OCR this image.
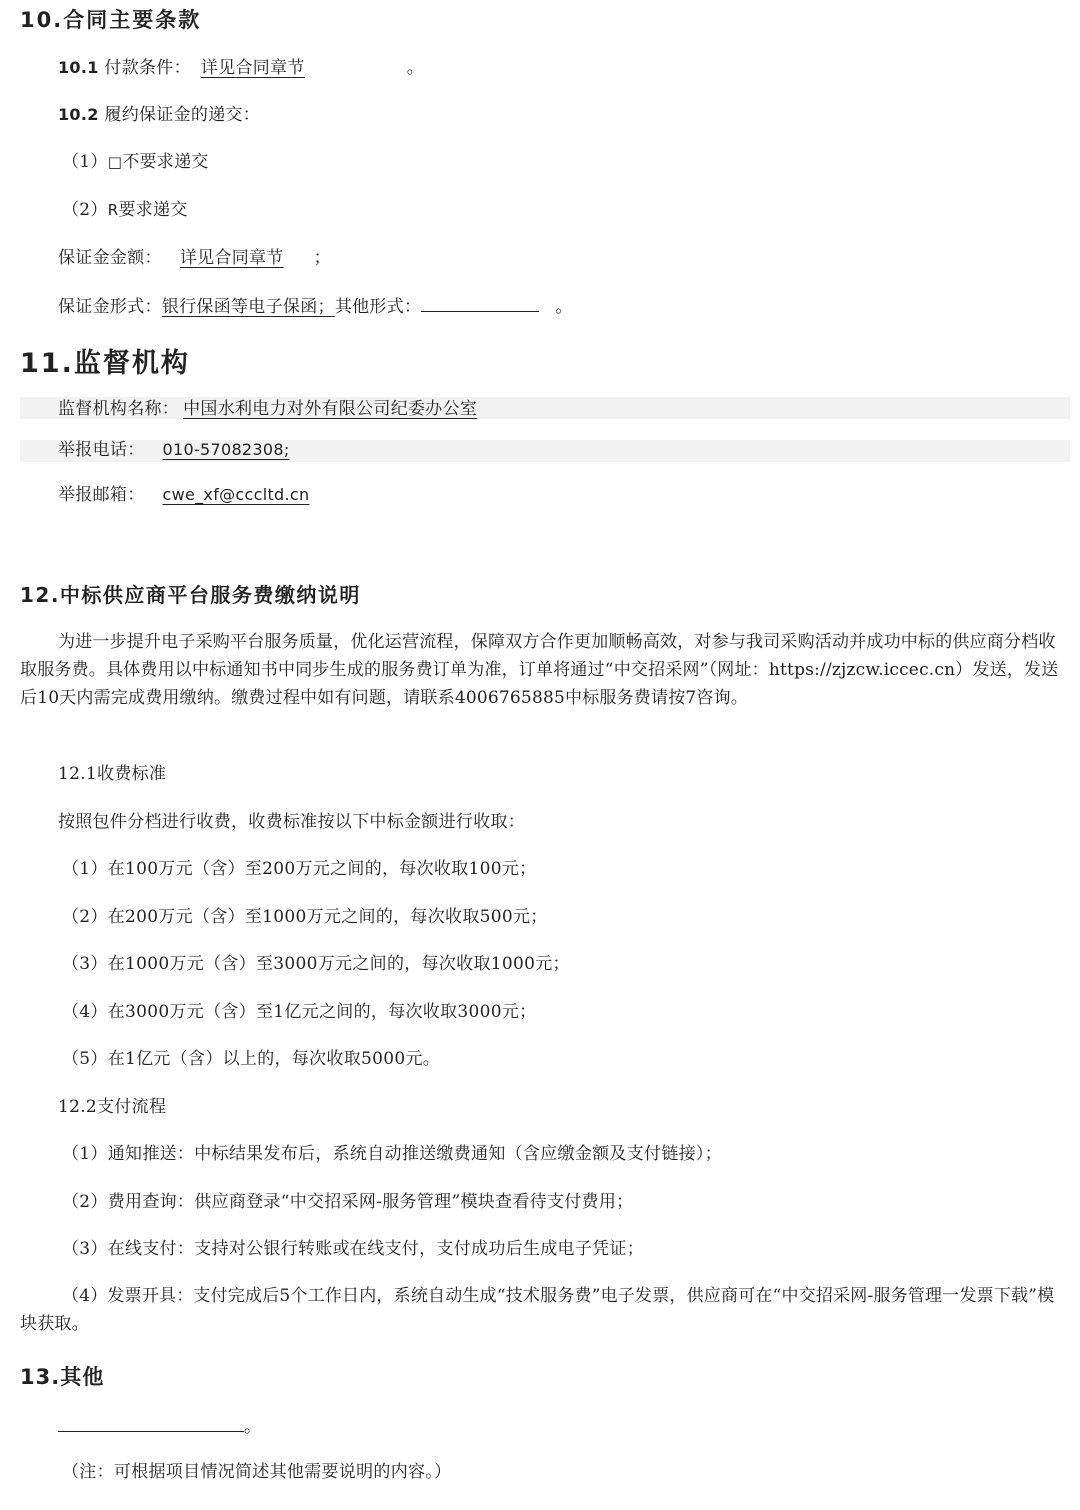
10.合同主要条款
10.1 付款条件： 详见合同章节	。
10.2 履约保证金的递交：
（1）□不要求递交
（2）R要求递交
保证金金额： 详见合同章节 ；
保证金形式：银行保函等电子保函；其他形式：	。
11.监督机构
监督机构名称： 中国水利电力对外有限公司纪委办公室
举报电话： 010-57082308;
举报邮箱： cwe_xf@cccltd.cn
12.中标供应商平台服务费缴纳说明
为进一步提升电子采购平台服务质量，优化运营流程，保障双方合作更加顺畅高效，对参与我司采购活动并成功中标的供应商分档收取服务费。具体费用以中标通知书中同步生成的服务费订单为准，订单将通过“中交招采网”（网址：https://zjzcw.iccec.cn）发送，发送后10天内需完成费用缴纳。缴费过程中如有问题，请联系4006765885中标服务费请按7咨询。
12.1收费标准
按照包件分档进行收费，收费标准按以下中标金额进行收取：
（1）在100万元（含）至200万元之间的，每次收取100元；
（2）在200万元（含）至1000万元之间的，每次收取500元；
（3）在1000万元（含）至3000万元之间的，每次收取1000元；
（4）在3000万元（含）至1亿元之间的，每次收取3000元；
（5）在1亿元（含）以上的，每次收取5000元。
12.2支付流程
（1）通知推送：中标结果发布后，系统自动推送缴费通知（含应缴金额及支付链接）；
（2）费用查询：供应商登录“中交招采网-服务管理”模块查看待支付费用；
（3）在线支付：支持对公银行转账或在线支付，支付成功后生成电子凭证；
（4）发票开具：支付完成后5个工作日内，系统自动生成“技术服务费”电子发票，供应商可在“中交招采网-服务管理一发票下载”模块获取。
13.其他
。
（注：可根据项目情况简述其他需要说明的内容。）
